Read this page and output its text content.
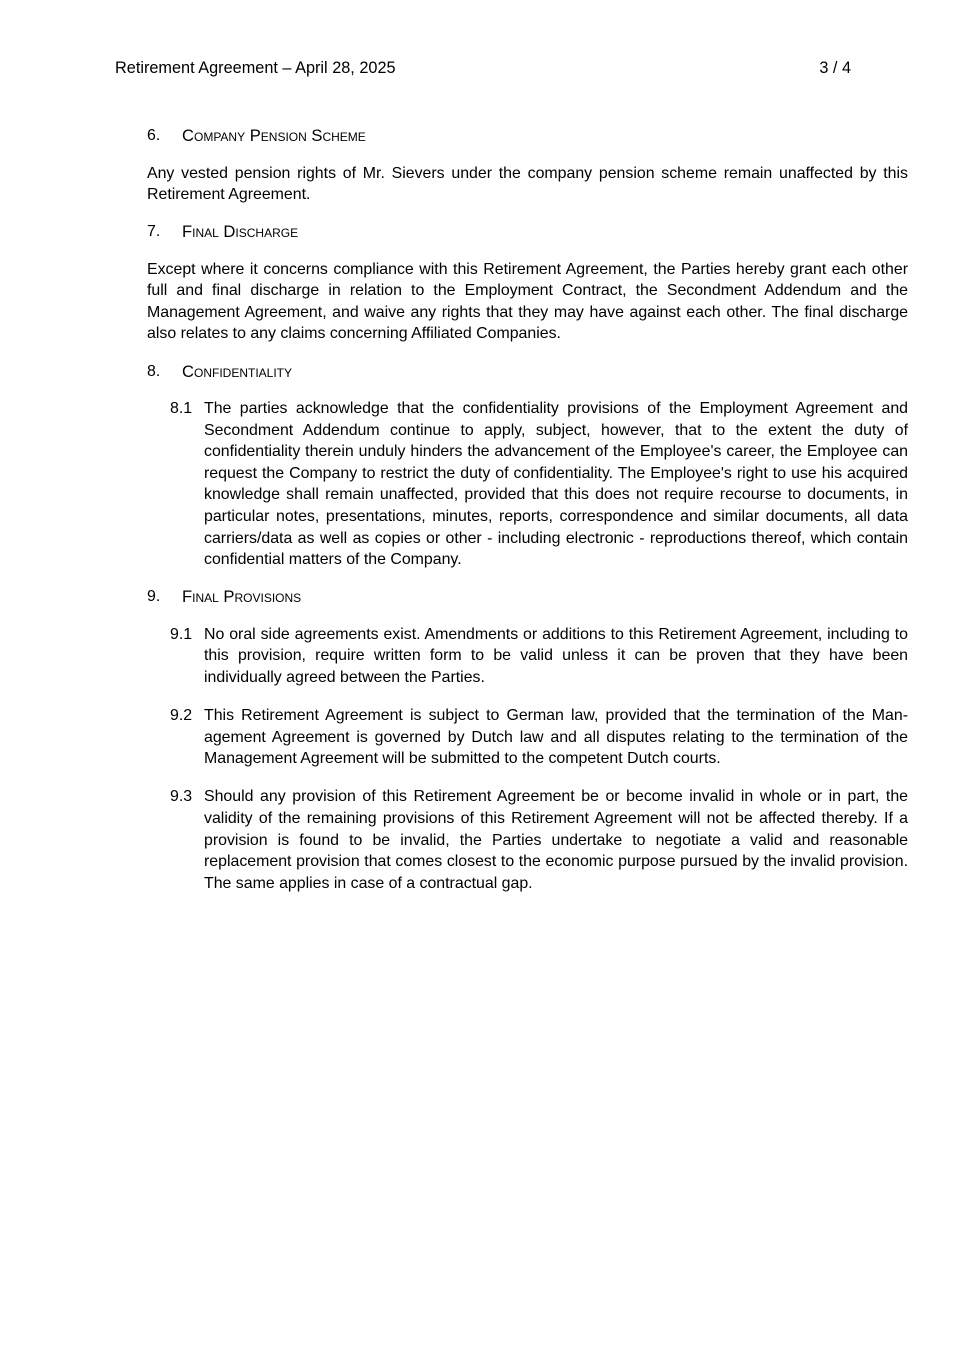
Retirement Agreement – April 28, 2025	3 / 4
6.	Company Pension Scheme

Any vested pension rights of Mr. Sievers under the company pension scheme remain unaffected by this Retirement Agreement.

7.	Final Discharge

Except where it concerns compliance with this Retirement Agreement, the Parties hereby grant each other full and final discharge in relation to the Employment Contract, the Secondment Addendum and the Management Agreement, and waive any rights that they may have against each other. The final discharge also relates to any claims concerning Affiliated Companies.

8.	Confidentiality
8.1 The parties acknowledge that the confidentiality provisions of the Employment Agreement and Secondment Addendum continue to apply, subject, however, that to the extent the duty of confidentiality therein unduly hinders the advancement of the Employee's career, the Employee can request the Company to restrict the duty of confidentiality. The Employee's right to use his acquired knowledge shall remain unaffected, provided that this does not require recourse to documents, in particular notes, presentations, minutes, reports, correspondence and similar documents, all data carriers/data as well as copies or other - including electronic - reproductions thereof, which contain confidential matters of the Company.
9.	Final Provisions
9.1 No oral side agreements exist. Amendments or additions to this Retirement Agreement, including to this provision, require written form to be valid unless it can be proven that they have been individually agreed between the Parties.
9.2 This Retirement Agreement is subject to German law, provided that the termination of the Management Agreement is governed by Dutch law and all disputes relating to the termination of the Management Agreement will be submitted to the competent Dutch courts.
9.3 Should any provision of this Retirement Agreement be or become invalid in whole or in part, the validity of the remaining provisions of this Retirement Agreement will not be affected thereby. If a provision is found to be invalid, the Parties undertake to negotiate a valid and reasonable replacement provision that comes closest to the economic purpose pursued by the invalid provision. The same applies in case of a contractual gap.
